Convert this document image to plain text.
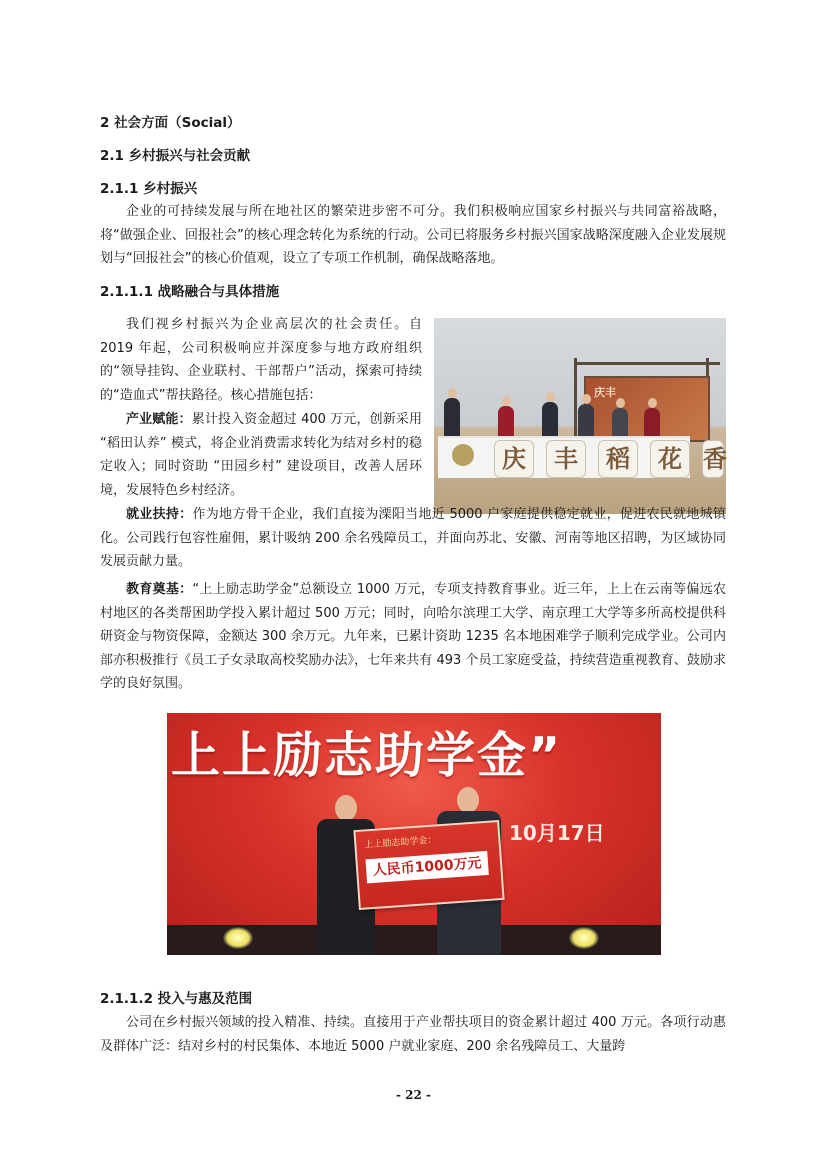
2 社会方面（Social）
2.1 乡村振兴与社会贡献
2.1.1 乡村振兴

企业的可持续发展与所在地社区的繁荣进步密不可分。我们积极响应国家乡村振兴与共同富裕战略，将“做强企业、回报社会”的核心理念转化为系统的行动。公司已将服务乡村振兴国家战略深度融入企业发展规划与“回报社会”的核心价值观，设立了专项工作机制，确保战略落地。

2.1.1.1 战略融合与具体措施

我们视乡村振兴为企业高层次的社会责任。自 2019 年起，公司积极响应并深度参与地方政府组织的“领导挂钩、企业联村、干部帮户”活动，探索可持续的“造血式”帮扶路径。核心措施包括：

产业赋能：累计投入资金超过 400 万元，创新采用 “稻田认养” 模式，将企业消费需求转化为结对乡村的稳定收入；同时资助 “田园乡村” 建设项目，改善人居环境，发展特色乡村经济。

庆丰
庆	丰	稻	花 香

就业扶持：作为地方骨干企业，我们直接为溧阳当地近 5000 户家庭提供稳定就业，促进农民就地城镇化。公司践行包容性雇佣，累计吸纳 200 余名残障员工，并面向苏北、安徽、河南等地区招聘，为区域协同发展贡献力量。

教育奠基：“上上励志助学金”总额设立 1000 万元，专项支持教育事业。近三年，上上在云南等偏远农村地区的各类帮困助学投入累计超过 500 万元；同时，向哈尔滨理工大学、南京理工大学等多所高校提供科研资金与物资保障，金额达 300 余万元。九年来，已累计资助 1235 名本地困难学子顺利完成学业。公司内部亦积极推行《员工子女录取高校奖励办法》，七年来共有 493 个员工家庭受益，持续营造重视教育、鼓励求学的良好氛围。

上上励志助学金”
10月17日
上上励志助学金：
人民币1000万元
2.1.1.2 投入与惠及范围

公司在乡村振兴领域的投入精准、持续。直接用于产业帮扶项目的资金累计超过 400 万元。各项行动惠及群体广泛：结对乡村的村民集体、本地近 5000 户就业家庭、200 余名残障员工、大量跨

- 22 -
